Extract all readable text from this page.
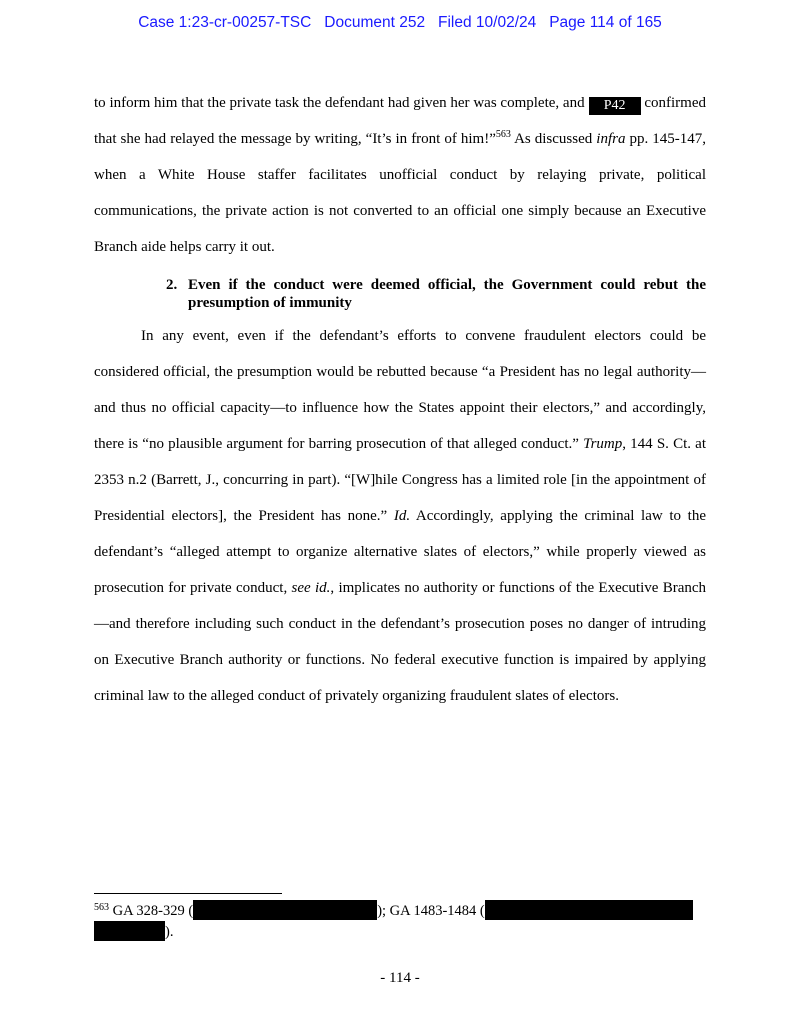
Case 1:23-cr-00257-TSC Document 252 Filed 10/02/24 Page 114 of 165
to inform him that the private task the defendant had given her was complete, and P42 confirmed that she had relayed the message by writing, “It’s in front of him!”$^{563}$ As discussed infra pp. 145-147, when a White House staffer facilitates unofficial conduct by relaying private, political communications, the private action is not converted to an official one simply because an Executive Branch aide helps carry it out.
2. Even if the conduct were deemed official, the Government could rebut the presumption of immunity
In any event, even if the defendant’s efforts to convene fraudulent electors could be considered official, the presumption would be rebutted because “a President has no legal authority—and thus no official capacity—to influence how the States appoint their electors,” and accordingly, there is “no plausible argument for barring prosecution of that alleged conduct.” Trump, 144 S. Ct. at 2353 n.2 (Barrett, J., concurring in part). “[W]hile Congress has a limited role [in the appointment of Presidential electors], the President has none.” Id. Accordingly, applying the criminal law to the defendant’s “alleged attempt to organize alternative slates of electors,” while properly viewed as prosecution for private conduct, see id., implicates no authority or functions of the Executive Branch—and therefore including such conduct in the defendant’s prosecution poses no danger of intruding on Executive Branch authority or functions. No federal executive function is impaired by applying criminal law to the alleged conduct of privately organizing fraudulent slates of electors.
$^{563}$ GA 328-329 (	); GA 1483-1484 (
).
- 114 -
